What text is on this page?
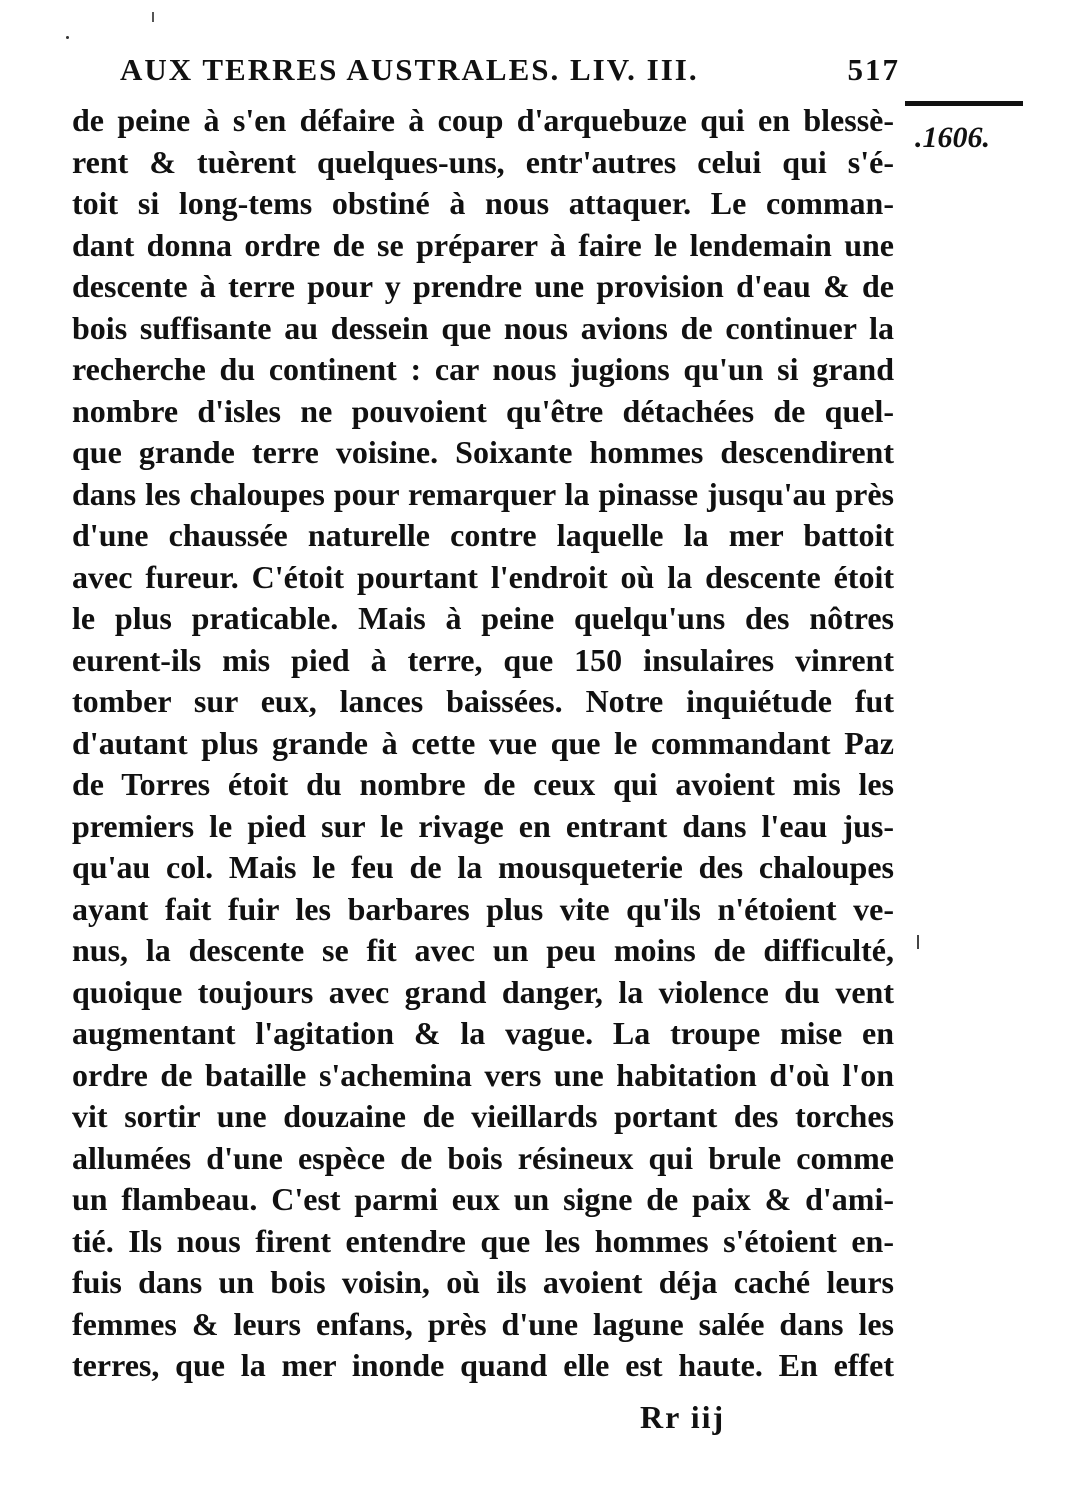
AUX TERRES AUSTRALES. LIV. III.	517
.1606.
de peine à s'en défaire à coup d'arquebuze qui en blessè-
rent & tuèrent quelques-uns, entr'autres celui qui s'é-
toit si long-tems obstiné à nous attaquer. Le comman-
dant donna ordre de se préparer à faire le lendemain une
descente à terre pour y prendre une provision d'eau & de
bois suffisante au dessein que nous avions de continuer la
recherche du continent : car nous jugions qu'un si grand
nombre d'isles ne pouvoient qu'être détachées de quel-
que grande terre voisine. Soixante hommes descendirent
dans les chaloupes pour remarquer la pinasse jusqu'au près
d'une chaussée naturelle contre laquelle la mer battoit
avec fureur. C'étoit pourtant l'endroit où la descente étoit
le plus praticable. Mais à peine quelqu'uns des nôtres
eurent-ils mis pied à terre, que 150 insulaires vinrent
tomber sur eux, lances baissées. Notre inquiétude fut
d'autant plus grande à cette vue que le commandant Paz
de Torres étoit du nombre de ceux qui avoient mis les
premiers le pied sur le rivage en entrant dans l'eau jus-
qu'au col. Mais le feu de la mousqueterie des chaloupes
ayant fait fuir les barbares plus vite qu'ils n'étoient ve-
nus, la descente se fit avec un peu moins de difficulté,
quoique toujours avec grand danger, la violence du vent
augmentant l'agitation & la vague. La troupe mise en
ordre de bataille s'achemina vers une habitation d'où l'on
vit sortir une douzaine de vieillards portant des torches
allumées d'une espèce de bois résineux qui brule comme
un flambeau. C'est parmi eux un signe de paix & d'ami-
tié. Ils nous firent entendre que les hommes s'étoient en-
fuis dans un bois voisin, où ils avoient déja caché leurs
femmes & leurs enfans, près d'une lagune salée dans les
terres, que la mer inonde quand elle est haute. En effet
Rr iij
